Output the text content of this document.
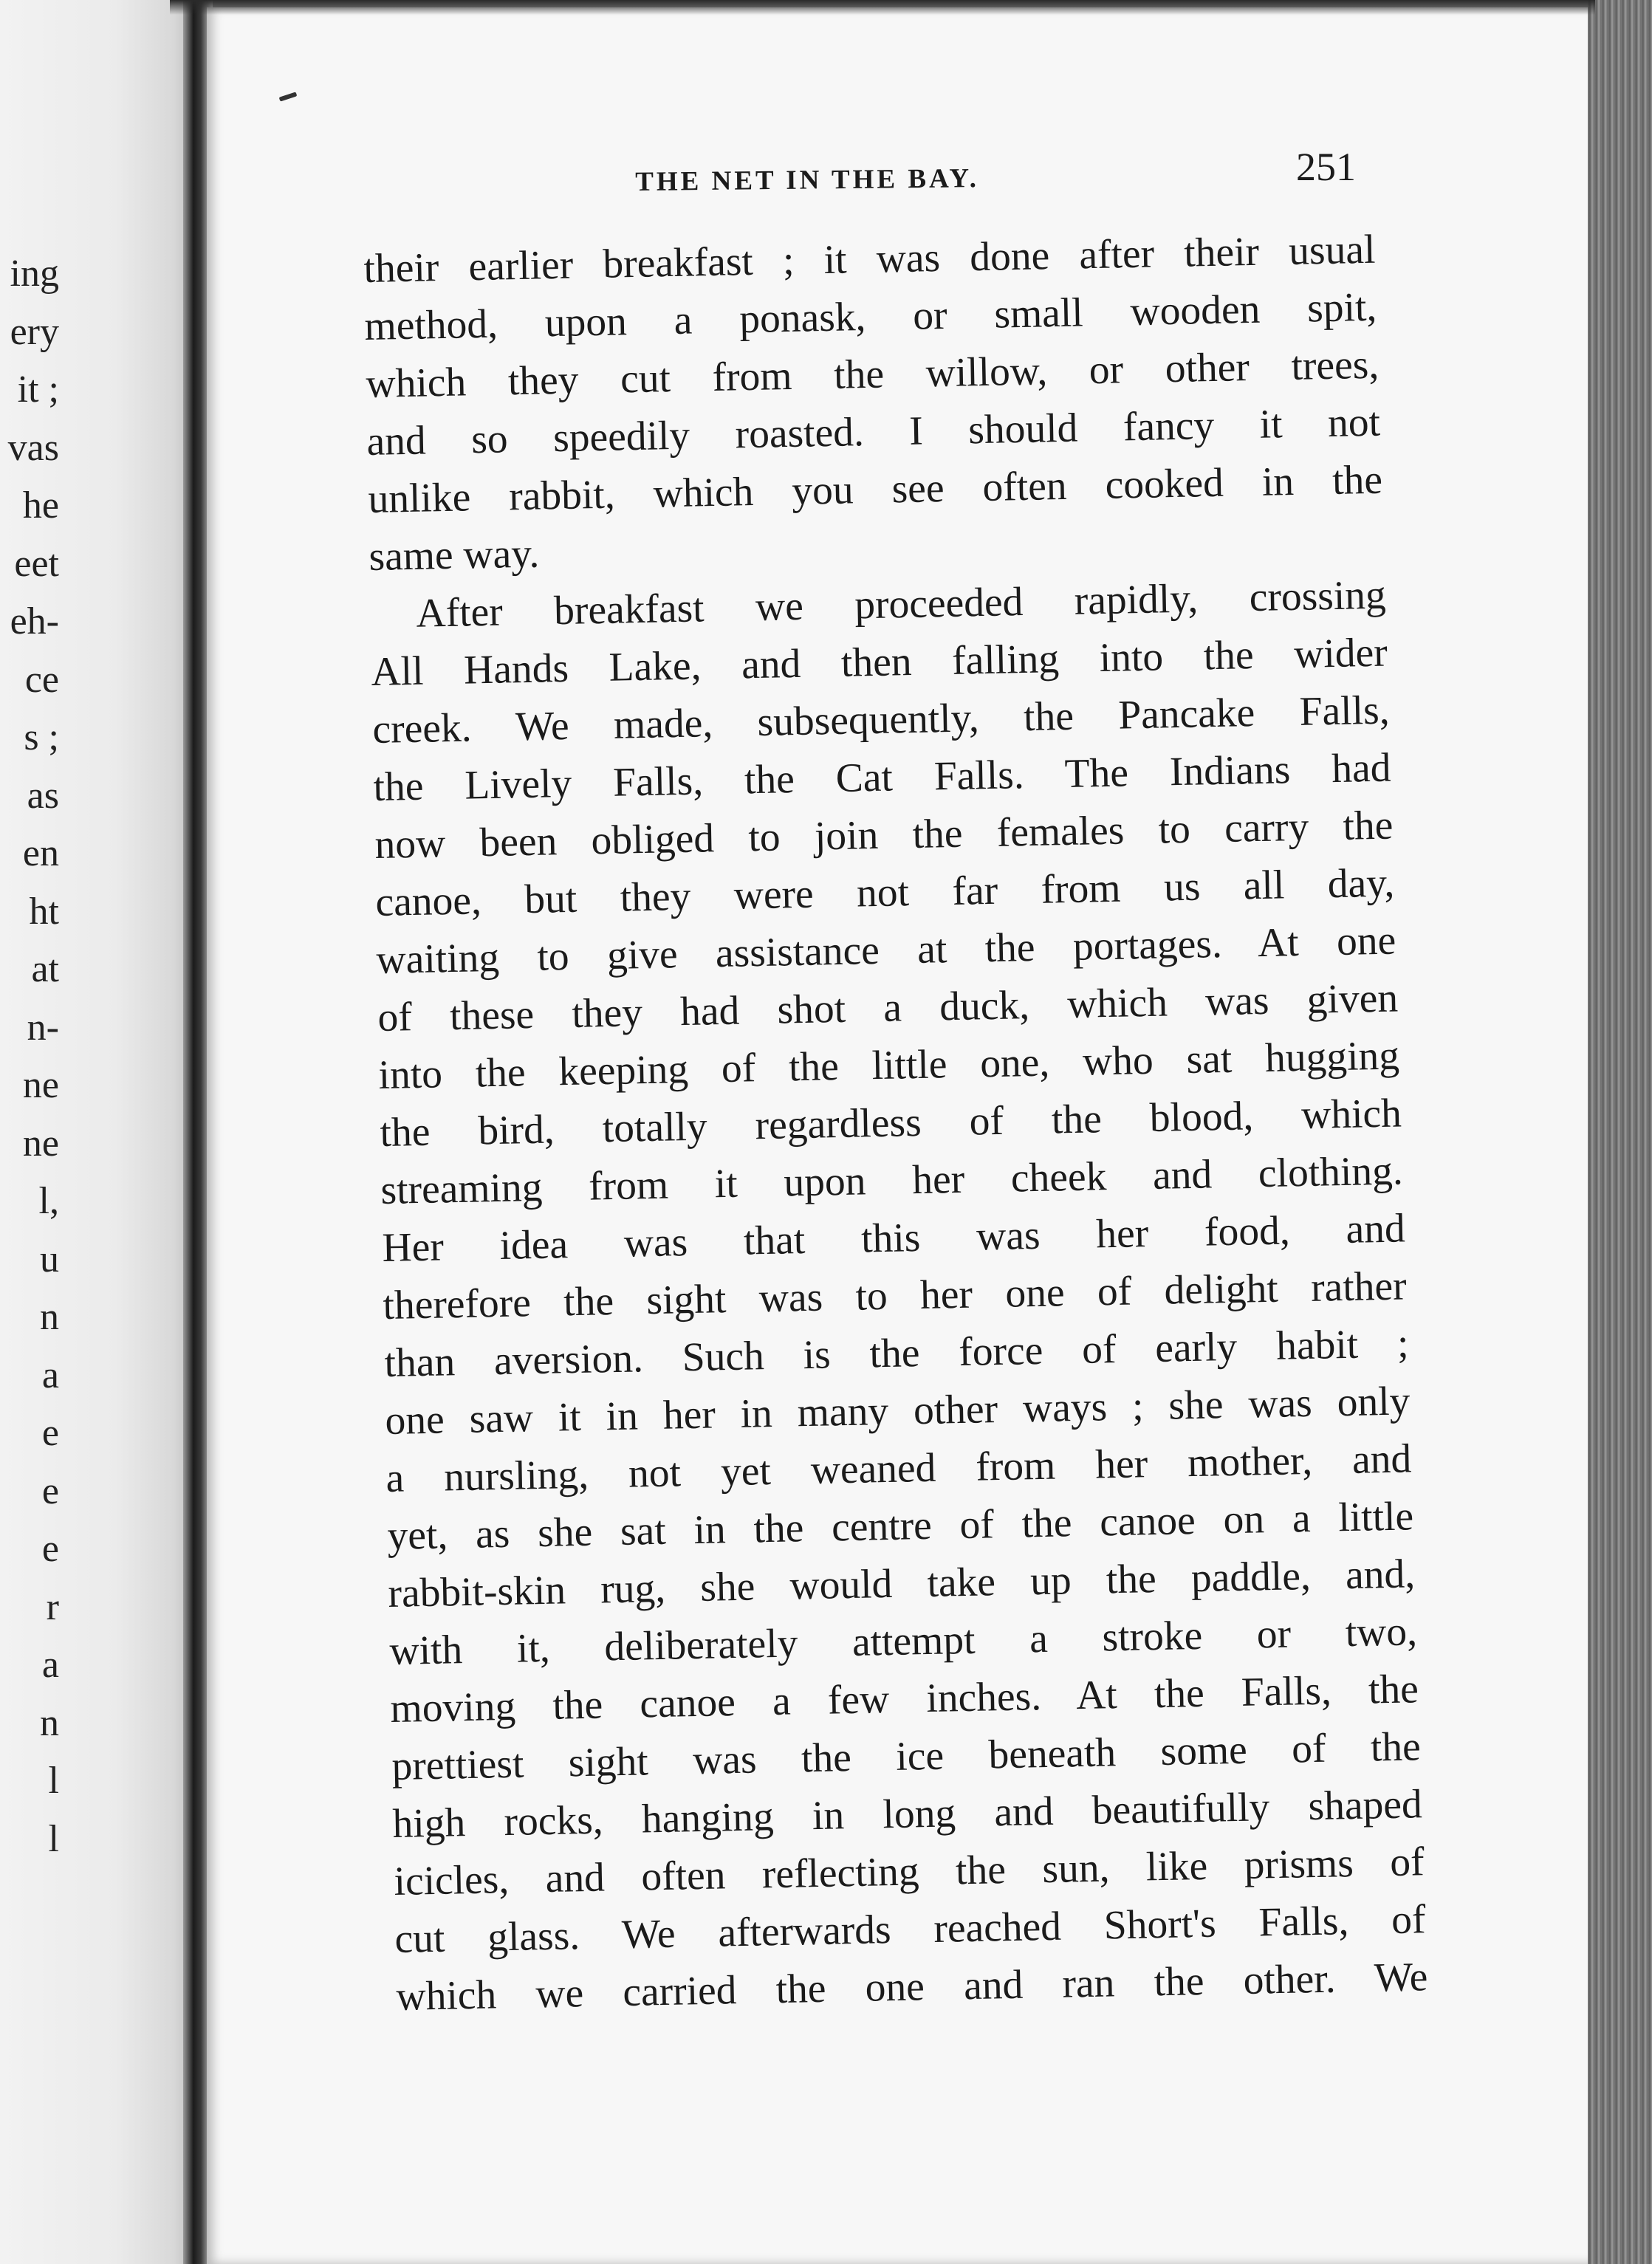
ing
ery
it ;
vas
he
eet
eh-
ce
s ;
as
en
ht
at
n-
ne
ne
l,
u
n
a
e
e
e
r
a
n
l
l
THE NET IN THE BAY.	251
their earlier breakfast ; it was done after their usual
method, upon a ponask, or small wooden spit,
which they cut from the willow, or other trees,
and so speedily roasted. I should fancy it not
unlike rabbit, which you see often cooked in the
same way.
After breakfast we proceeded rapidly, crossing
All Hands Lake, and then falling into the wider
creek. We made, subsequently, the Pancake Falls,
the Lively Falls, the Cat Falls. The Indians had
now been obliged to join the females to carry the
canoe, but they were not far from us all day,
waiting to give assistance at the portages. At one
of these they had shot a duck, which was given
into the keeping of the little one, who sat hugging
the bird, totally regardless of the blood, which
streaming from it upon her cheek and clothing.
Her idea was that this was her food, and
therefore the sight was to her one of delight rather
than aversion. Such is the force of early habit ;
one saw it in her in many other ways ; she was only
a nursling, not yet weaned from her mother, and
yet, as she sat in the centre of the canoe on a little
rabbit-skin rug, she would take up the paddle, and,
with it, deliberately attempt a stroke or two,
moving the canoe a few inches. At the Falls, the
prettiest sight was the ice beneath some of the
high rocks, hanging in long and beautifully shaped
icicles, and often reflecting the sun, like prisms of
cut glass. We afterwards reached Short's Falls, of
which we carried the one and ran the other. We
